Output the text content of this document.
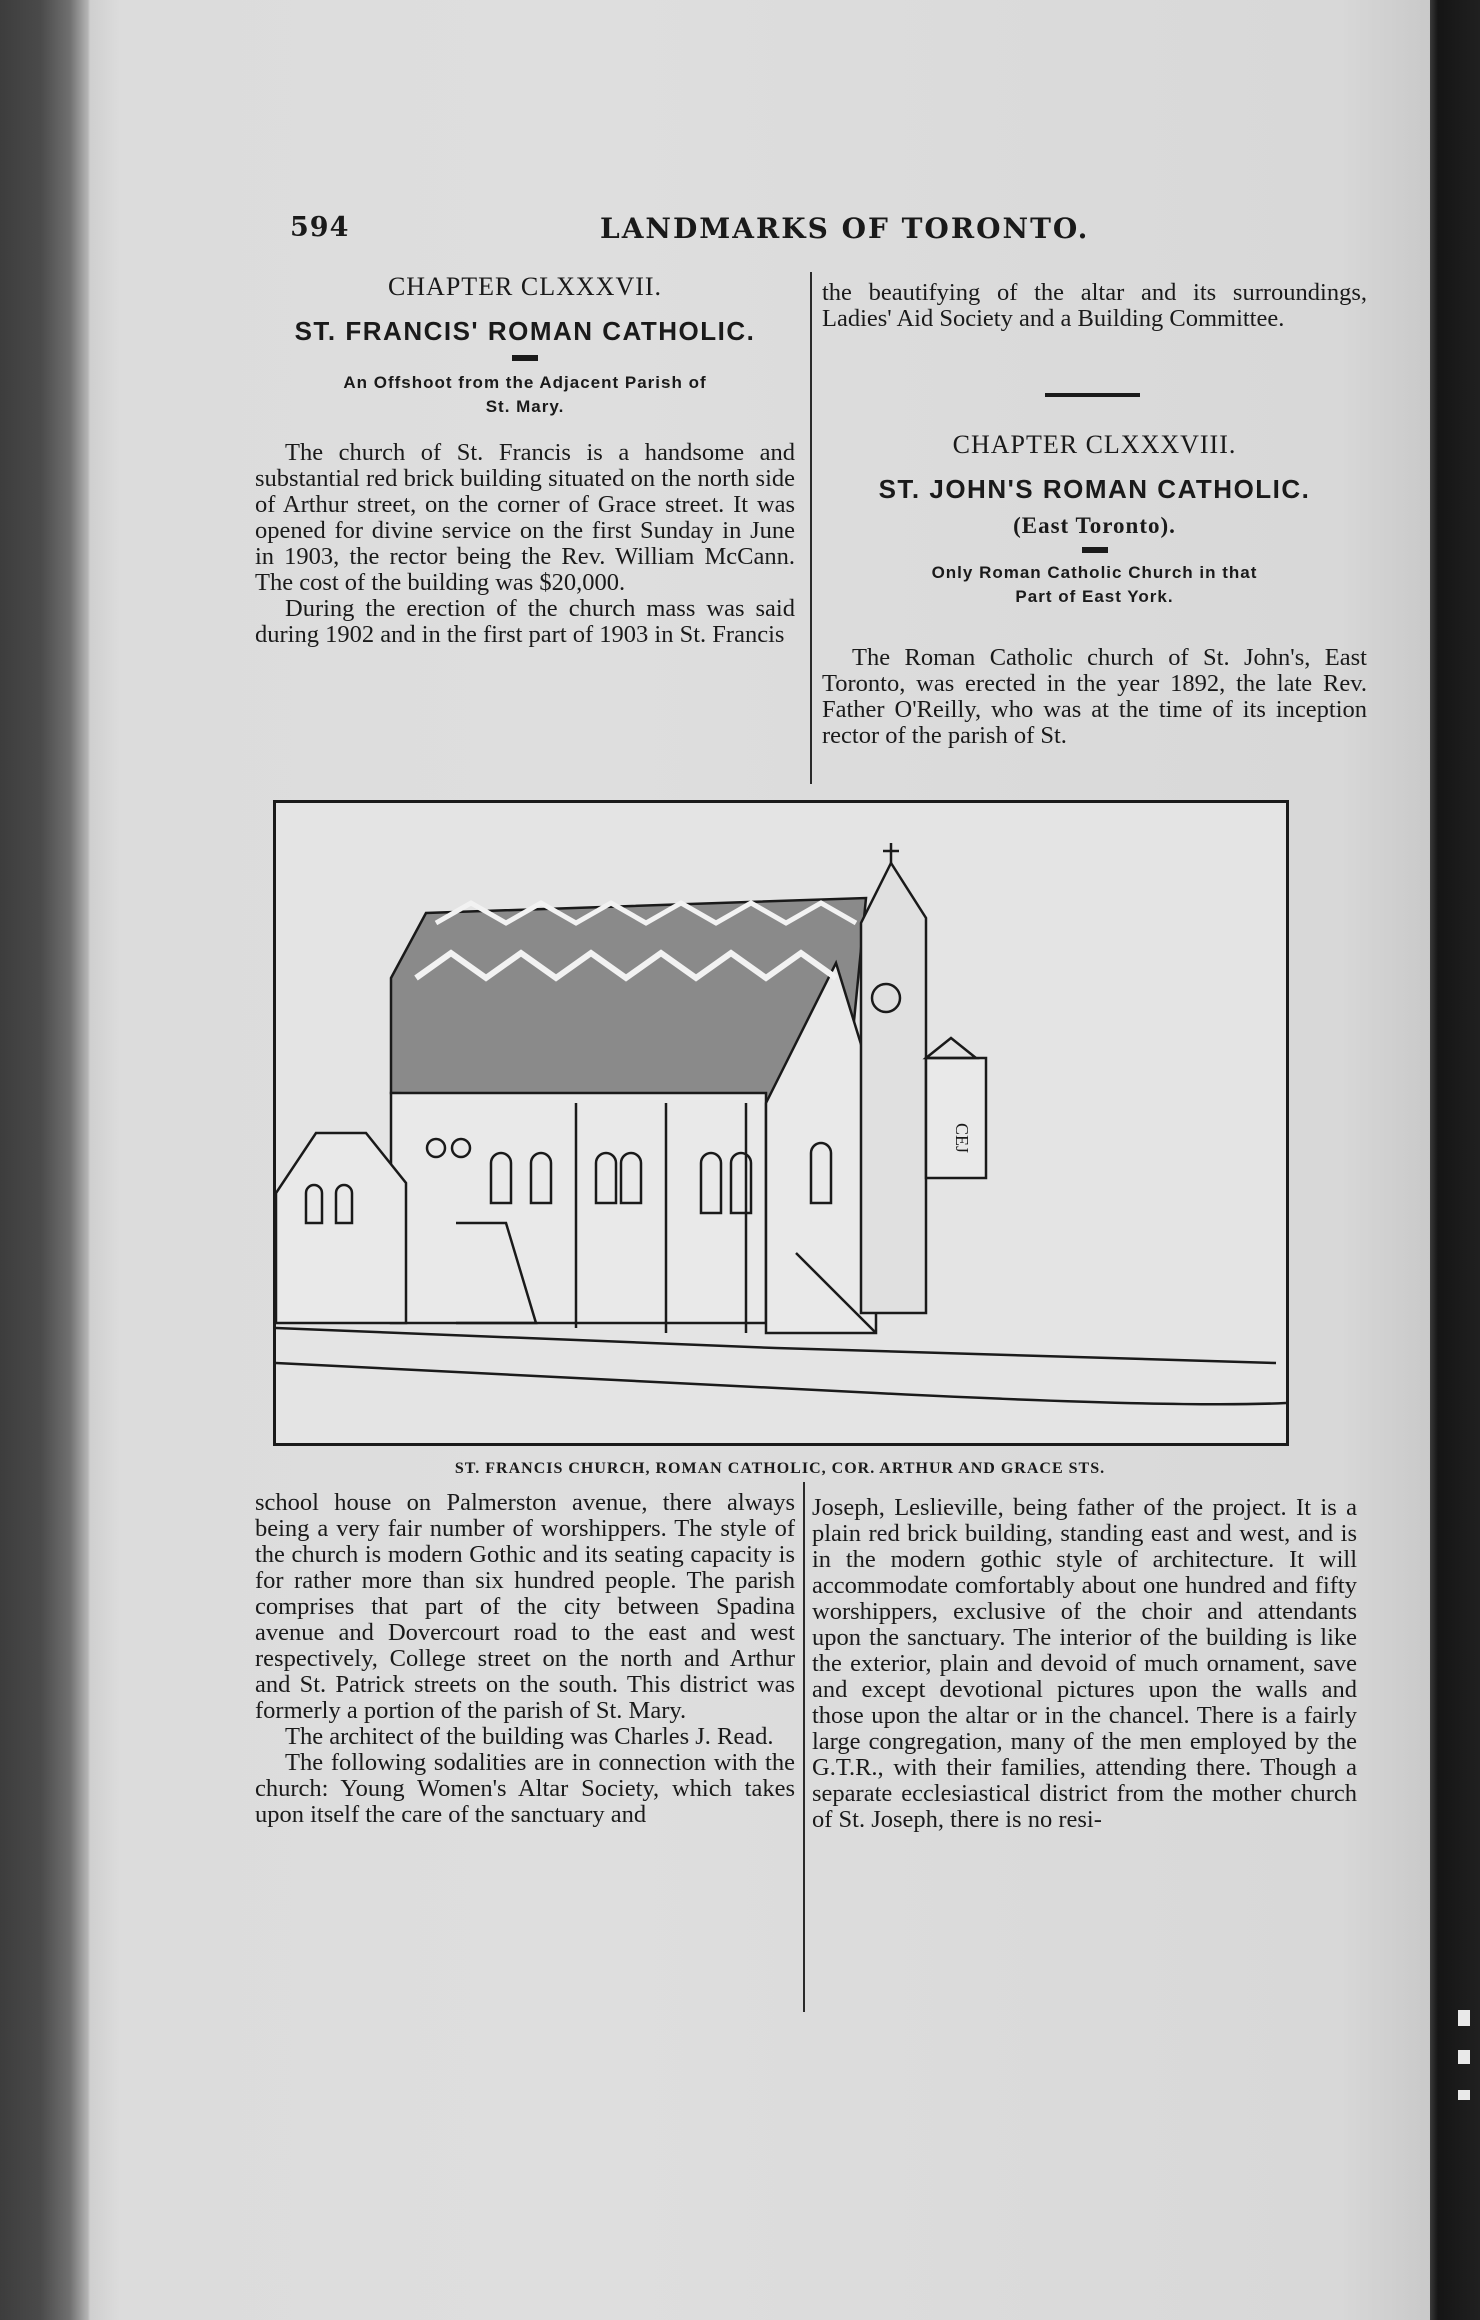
594	LANDMARKS OF TORONTO.
CHAPTER CLXXXVII.
ST. FRANCIS' ROMAN CATHOLIC.
An Offshoot from the Adjacent Parish of
St. Mary.

The church of St. Francis is a handsome and substantial red brick building situated on the north side of Arthur street, on the corner of Grace street. It was opened for divine service on the first Sunday in June in 1903, the rector being the Rev. William McCann. The cost of the building was $20,000.

During the erection of the church mass was said during 1902 and in the first part of 1903 in St. Francis

the beautifying of the altar and its surroundings, Ladies' Aid Society and a Building Committee.

CHAPTER CLXXXVIII.
ST. JOHN'S ROMAN CATHOLIC.
(East Toronto).
Only Roman Catholic Church in that
Part of East York.

The Roman Catholic church of St. John's, East Toronto, was erected in the year 1892, the late Rev. Father O'Reilly, who was at the time of its inception rector of the parish of St.

CEJ
ST. FRANCIS CHURCH, ROMAN CATHOLIC, COR. ARTHUR AND GRACE STS.

school house on Palmerston avenue, there always being a very fair number of worshippers. The style of the church is modern Gothic and its seating capacity is for rather more than six hundred people. The parish comprises that part of the city between Spadina avenue and Dovercourt road to the east and west respectively, College street on the north and Arthur and St. Patrick streets on the south. This district was formerly a portion of the parish of St. Mary.

The architect of the building was Charles J. Read.

The following sodalities are in connection with the church: Young Women's Altar Society, which takes upon itself the care of the sanctuary and

Joseph, Leslieville, being father of the project. It is a plain red brick building, standing east and west, and is in the modern gothic style of architecture. It will accommodate comfortably about one hundred and fifty worshippers, exclusive of the choir and attendants upon the sanctuary. The interior of the building is like the exterior, plain and devoid of much ornament, save and except devotional pictures upon the walls and those upon the altar or in the chancel. There is a fairly large congregation, many of the men employed by the G.T.R., with their families, attending there. Though a separate ecclesiastical district from the mother church of St. Joseph, there is no resi-
